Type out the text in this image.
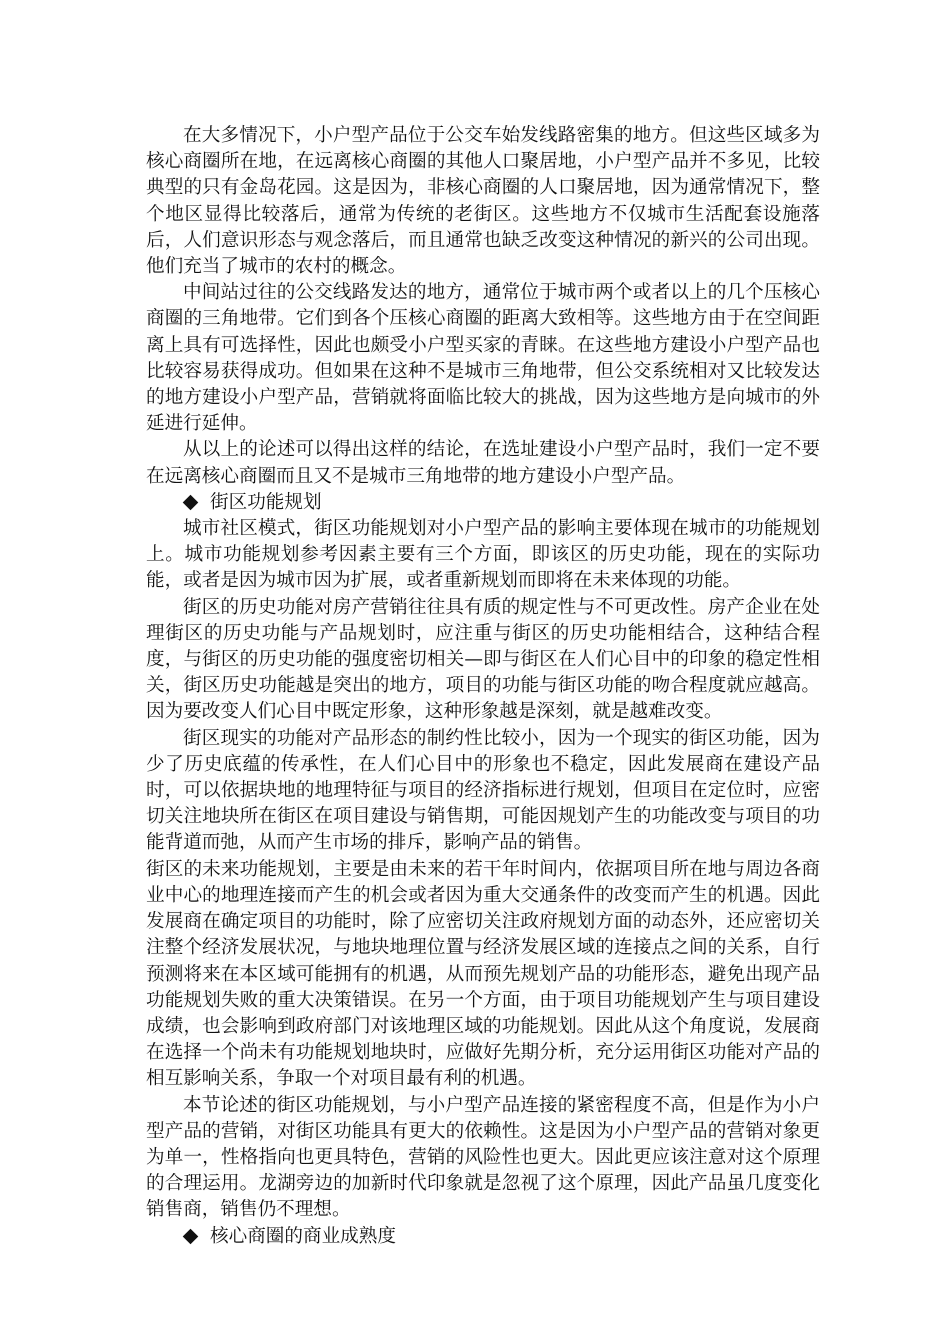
在大多情况下，小户型产品位于公交车始发线路密集的地方。但这些区域多为核心商圈所在地，在远离核心商圈的其他人口聚居地，小户型产品并不多见，比较典型的只有金岛花园。这是因为，非核心商圈的人口聚居地，因为通常情况下，整个地区显得比较落后，通常为传统的老街区。这些地方不仅城市生活配套设施落后，人们意识形态与观念落后，而且通常也缺乏改变这种情况的新兴的公司出现。他们充当了城市的农村的概念。

中间站过往的公交线路发达的地方，通常位于城市两个或者以上的几个压核心商圈的三角地带。它们到各个压核心商圈的距离大致相等。这些地方由于在空间距离上具有可选择性，因此也颇受小户型买家的青睐。在这些地方建设小户型产品也比较容易获得成功。但如果在这种不是城市三角地带，但公交系统相对又比较发达的地方建设小户型产品，营销就将面临比较大的挑战，因为这些地方是向城市的外延进行延伸。

从以上的论述可以得出这样的结论，在选址建设小户型产品时，我们一定不要在远离核心商圈而且又不是城市三角地带的地方建设小户型产品。

街区功能规划

城市社区模式，街区功能规划对小户型产品的影响主要体现在城市的功能规划上。城市功能规划参考因素主要有三个方面，即该区的历史功能，现在的实际功能，或者是因为城市因为扩展，或者重新规划而即将在未来体现的功能。

街区的历史功能对房产营销往往具有质的规定性与不可更改性。房产企业在处理街区的历史功能与产品规划时，应注重与街区的历史功能相结合，这种结合程度，与街区的历史功能的强度密切相关—即与街区在人们心目中的印象的稳定性相关，街区历史功能越是突出的地方，项目的功能与街区功能的吻合程度就应越高。因为要改变人们心目中既定形象，这种形象越是深刻，就是越难改变。

街区现实的功能对产品形态的制约性比较小，因为一个现实的街区功能，因为少了历史底蕴的传承性，在人们心目中的形象也不稳定，因此发展商在建设产品时，可以依据块地的地理特征与项目的经济指标进行规划，但项目在定位时，应密切关注地块所在街区在项目建设与销售期，可能因规划产生的功能改变与项目的功能背道而弛，从而产生市场的排斥，影响产品的销售。

街区的未来功能规划，主要是由未来的若干年时间内，依据项目所在地与周边各商业中心的地理连接而产生的机会或者因为重大交通条件的改变而产生的机遇。因此发展商在确定项目的功能时，除了应密切关注政府规划方面的动态外，还应密切关注整个经济发展状况，与地块地理位置与经济发展区域的连接点之间的关系，自行预测将来在本区域可能拥有的机遇，从而预先规划产品的功能形态，避免出现产品功能规划失败的重大决策错误。在另一个方面，由于项目功能规划产生与项目建设成绩，也会影响到政府部门对该地理区域的功能规划。因此从这个角度说，发展商在选择一个尚未有功能规划地块时，应做好先期分析，充分运用街区功能对产品的相互影响关系，争取一个对项目最有利的机遇。

本节论述的街区功能规划，与小户型产品连接的紧密程度不高，但是作为小户型产品的营销，对街区功能具有更大的依赖性。这是因为小户型产品的营销对象更为单一，性格指向也更具特色，营销的风险性也更大。因此更应该注意对这个原理的合理运用。龙湖旁边的加新时代印象就是忽视了这个原理，因此产品虽几度变化销售商，销售仍不理想。

核心商圈的商业成熟度
